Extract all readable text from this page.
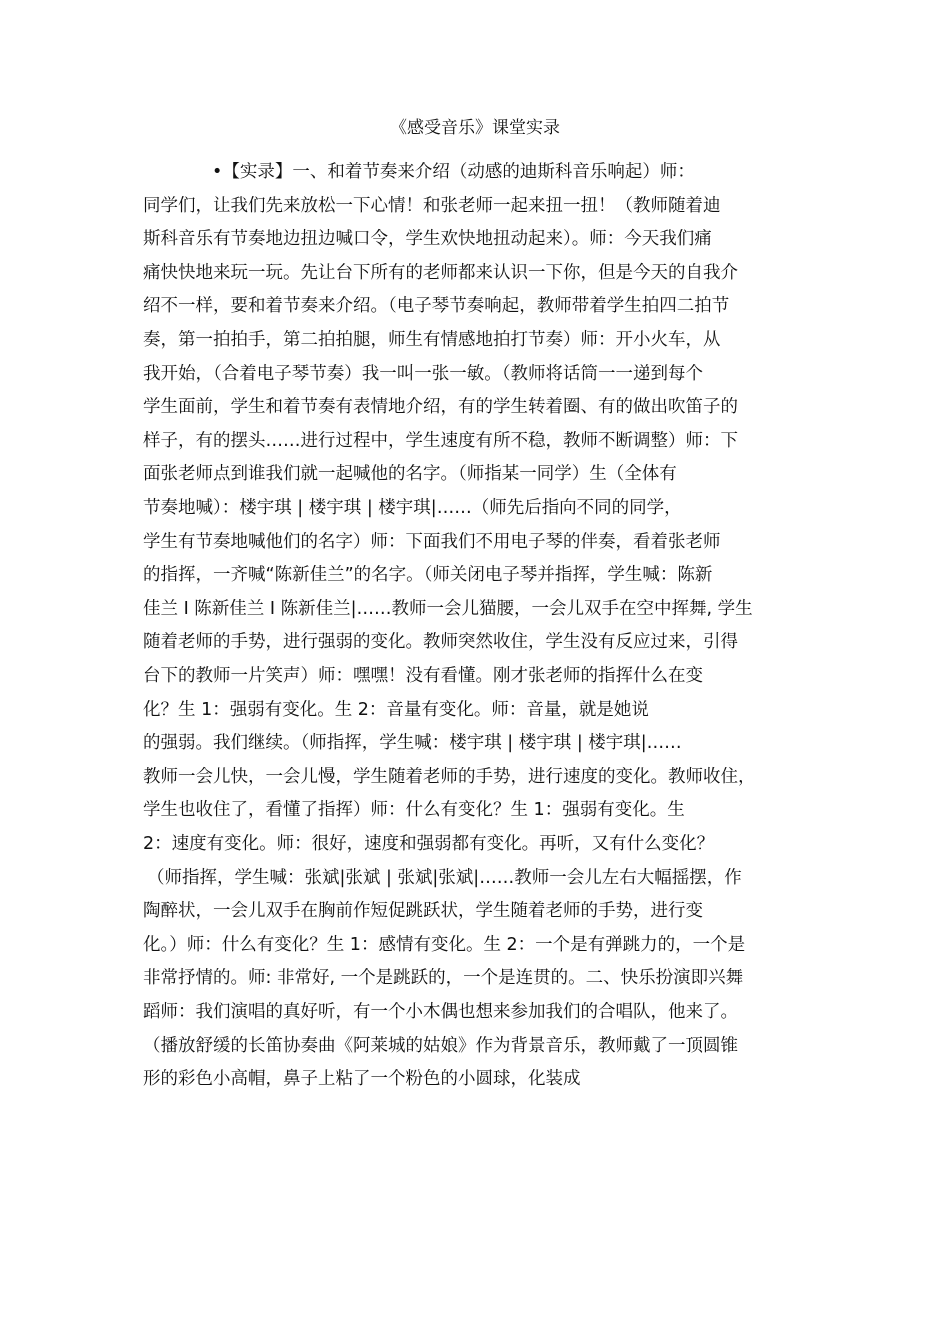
《感受音乐》课堂实录
•【实录】一、和着节奏来介绍（动感的迪斯科音乐响起）师：
同学们，让我们先来放松一下心情！和张老师一起来扭一扭！（教师随着迪
斯科音乐有节奏地边扭边喊口令，学生欢快地扭动起来）。师：今天我们痛
痛快快地来玩一玩。先让台下所有的老师都来认识一下你，但是今天的自我介
绍不一样，要和着节奏来介绍。（电子琴节奏响起，教师带着学生拍四二拍节
奏，第一拍拍手，第二拍拍腿，师生有情感地拍打节奏）师：开小火车，从
我开始，（合着电子琴节奏）我一叫一张一敏。（教师将话筒一一递到每个
学生面前，学生和着节奏有表情地介绍，有的学生转着圈、有的做出吹笛子的
样子，有的摆头……进行过程中，学生速度有所不稳，教师不断调整）师：下
面张老师点到谁我们就一起喊他的名字。（师指某一同学）生（全体有
节奏地喊）：楼宇琪 | 楼宇琪 | 楼宇琪|……（师先后指向不同的同学，
学生有节奏地喊他们的名字）师：下面我们不用电子琴的伴奏，看着张老师
的指挥，一齐喊“陈新佳兰”的名字。（师关闭电子琴并指挥，学生喊：陈新
佳兰 I 陈新佳兰 I 陈新佳兰|……教师一会儿猫腰，一会儿双手在空中挥舞, 学生
随着老师的手势，进行强弱的变化。教师突然收住，学生没有反应过来，引得
台下的教师一片笑声）师：嘿嘿！没有看懂。刚才张老师的指挥什么在变
化？生 1：强弱有变化。生 2：音量有变化。师：音量，就是她说
的强弱。我们继续。（师指挥，学生喊：楼宇琪 | 楼宇琪 | 楼宇琪|……
教师一会儿快，一会儿慢，学生随着老师的手势，进行速度的变化。教师收住，
学生也收住了，看懂了指挥）师：什么有变化？生 1：强弱有变化。生
2：速度有变化。师：很好，速度和强弱都有变化。再听，又有什么变化？
（师指挥，学生喊：张斌|张斌 | 张斌|张斌|……教师一会儿左右大幅摇摆，作
陶醉状，一会儿双手在胸前作短促跳跃状，学生随着老师的手势，进行变
化。）师：什么有变化？生 1：感情有变化。生 2：一个是有弹跳力的，一个是
非常抒情的。师: 非常好, 一个是跳跃的，一个是连贯的。二、快乐扮演即兴舞
蹈师：我们演唱的真好听，有一个小木偶也想来参加我们的合唱队，他来了。
（播放舒缓的长笛协奏曲《阿莱城的姑娘》作为背景音乐，教师戴了一顶圆锥
形的彩色小高帽，鼻子上粘了一个粉色的小圆球，化装成
